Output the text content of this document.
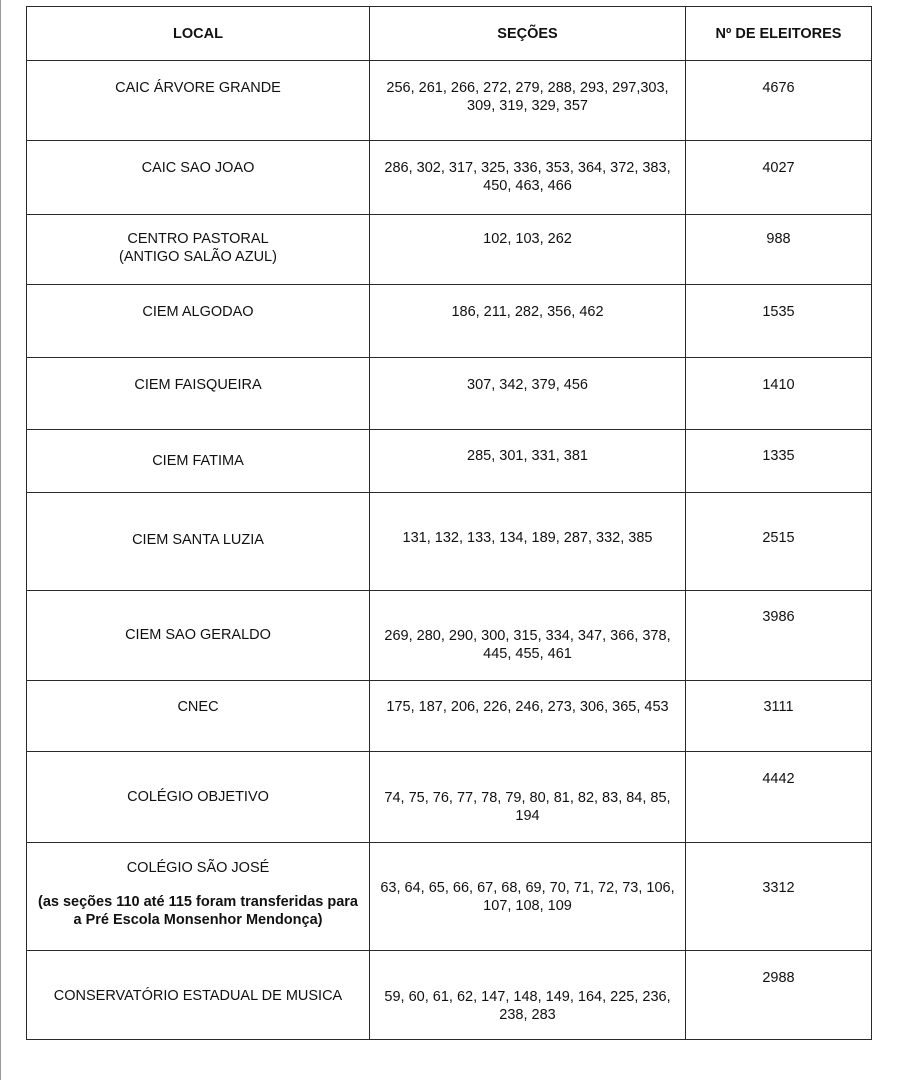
LOCAL	SEÇÕES	Nº DE ELEITORES
CAIC ÁRVORE GRANDE	256, 261, 266, 272, 279, 288, 293, 297,303, 309, 319, 329, 357	4676
CAIC SAO JOAO	286, 302, 317, 325, 336, 353, 364, 372, 383, 450, 463, 466	4027

CENTRO PASTORAL
(ANTIGO SALÃO AZUL)	102, 103, 262	988
CIEM ALGODAO	186, 211, 282, 356, 462	1535
CIEM FAISQUEIRA	307, 342, 379, 456	1410
CIEM FATIMA	285, 301, 331, 381	1335
CIEM SANTA LUZIA	131, 132, 133, 134, 189, 287, 332, 385	2515
CIEM SAO GERALDO	269, 280, 290, 300, 315, 334, 347, 366, 378, 445, 455, 461	3986
CNEC	175, 187, 206, 226, 246, 273, 306, 365, 453	3111
COLÉGIO OBJETIVO	74, 75, 76, 77, 78, 79, 80, 81, 82, 83, 84, 85, 194	4442

COLÉGIO SÃO JOSÉ
(as seções 110 até 115 foram transferidas para a Pré Escola Monsenhor Mendonça)	63, 64, 65, 66, 67, 68, 69, 70, 71, 72, 73, 106, 107, 108, 109	3312
CONSERVATÓRIO ESTADUAL DE MUSICA	59, 60, 61, 62, 147, 148, 149, 164, 225, 236, 238, 283	2988
